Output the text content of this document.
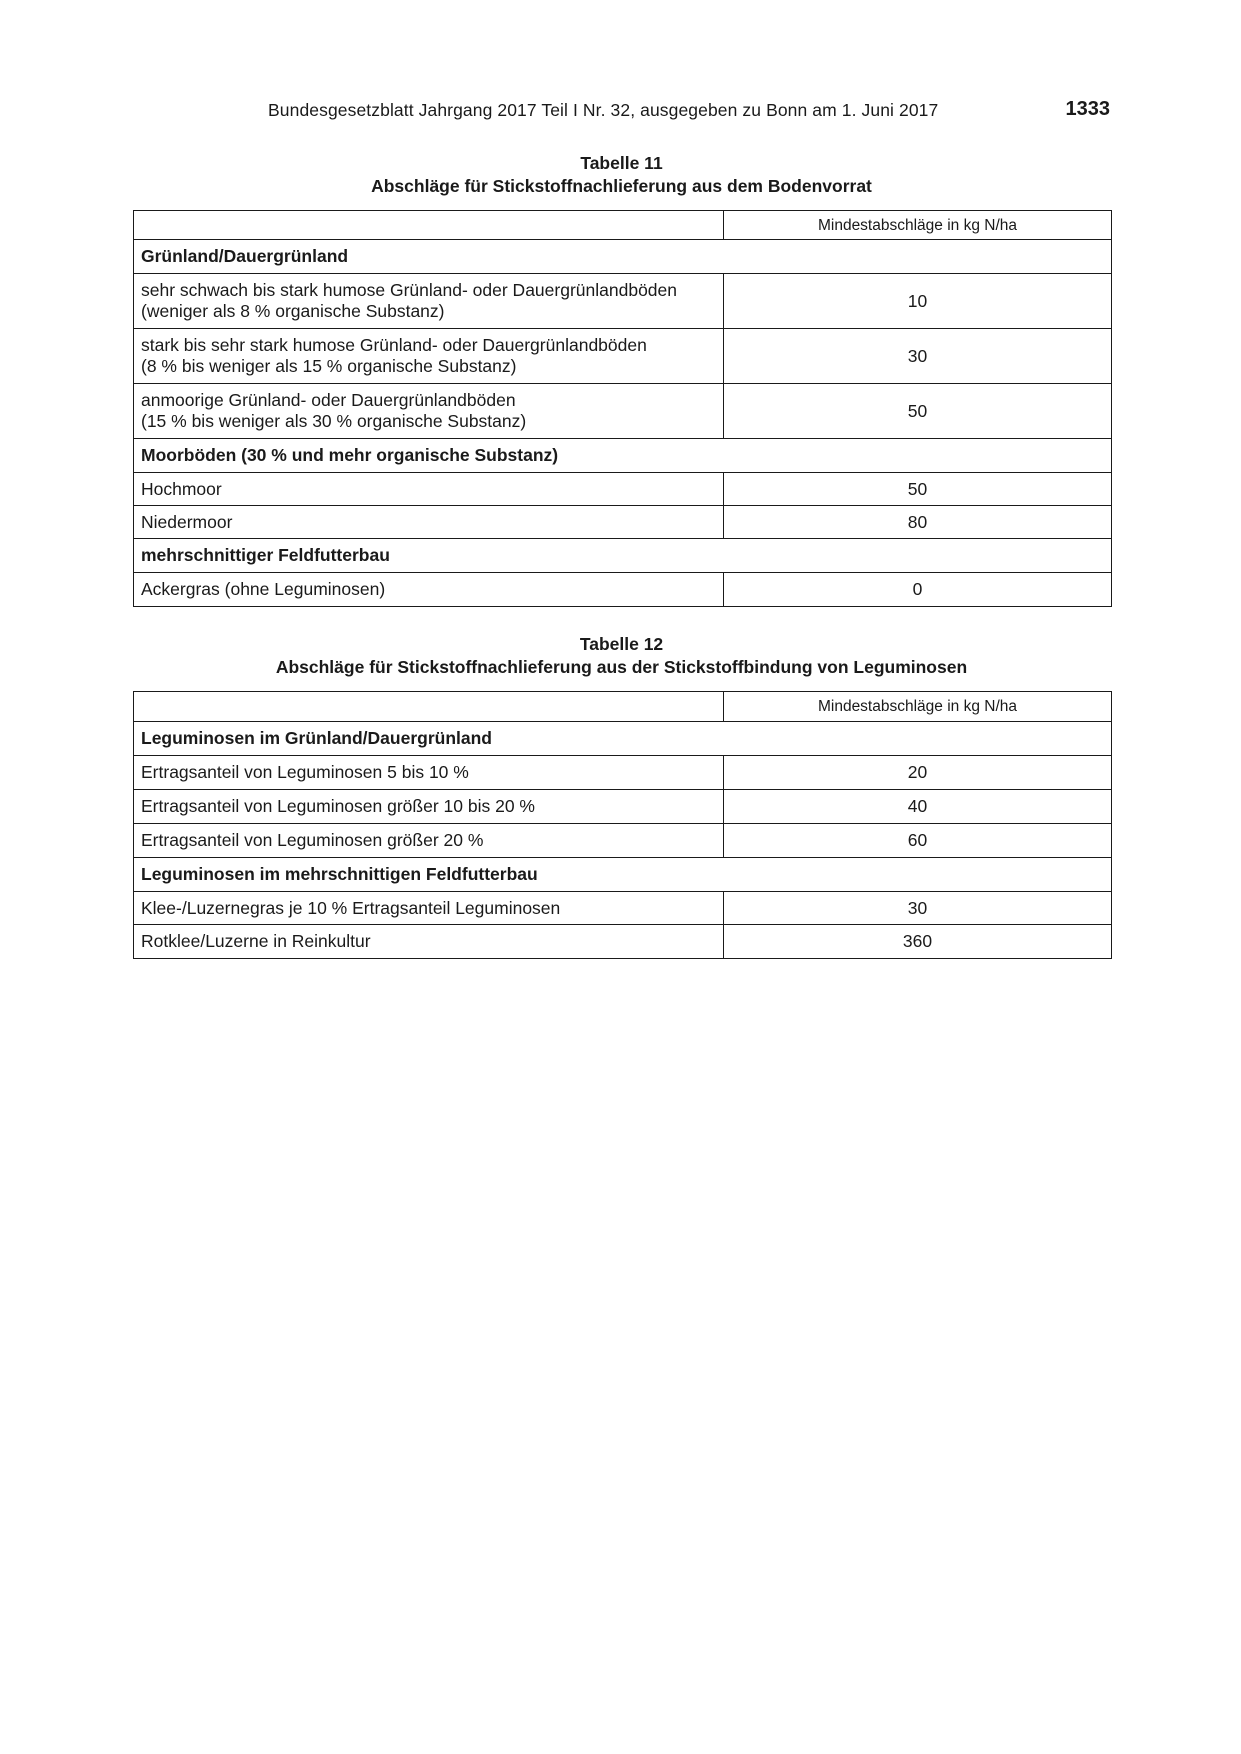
Bundesgesetzblatt Jahrgang 2017 Teil I Nr. 32, ausgegeben zu Bonn am 1. Juni 2017	1333
Tabelle 11
Abschläge für Stickstoffnachlieferung aus dem Bodenvorrat
	Mindestabschläge in kg N/ha
Grünland/Dauergrünland	

sehr schwach bis stark humose Grünland- oder Dauergrünlandböden
(weniger als 8 % organische Substanz)	10

stark bis sehr stark humose Grünland- oder Dauergrünlandböden
(8 % bis weniger als 15 % organische Substanz)	30

anmoorige Grünland- oder Dauergrünlandböden
(15 % bis weniger als 30 % organische Substanz)	50
Moorböden (30 % und mehr organische Substanz)	
Hochmoor	50
Niedermoor	80
mehrschnittiger Feldfutterbau	
Ackergras (ohne Leguminosen)	0
Tabelle 12
Abschläge für Stickstoffnachlieferung aus der Stickstoffbindung von Leguminosen
	Mindestabschläge in kg N/ha
Leguminosen im Grünland/Dauergrünland	
Ertragsanteil von Leguminosen 5 bis 10 %	20
Ertragsanteil von Leguminosen größer 10 bis 20 %	40
Ertragsanteil von Leguminosen größer 20 %	60
Leguminosen im mehrschnittigen Feldfutterbau	
Klee-/Luzernegras je 10 % Ertragsanteil Leguminosen	30
Rotklee/Luzerne in Reinkultur	360
